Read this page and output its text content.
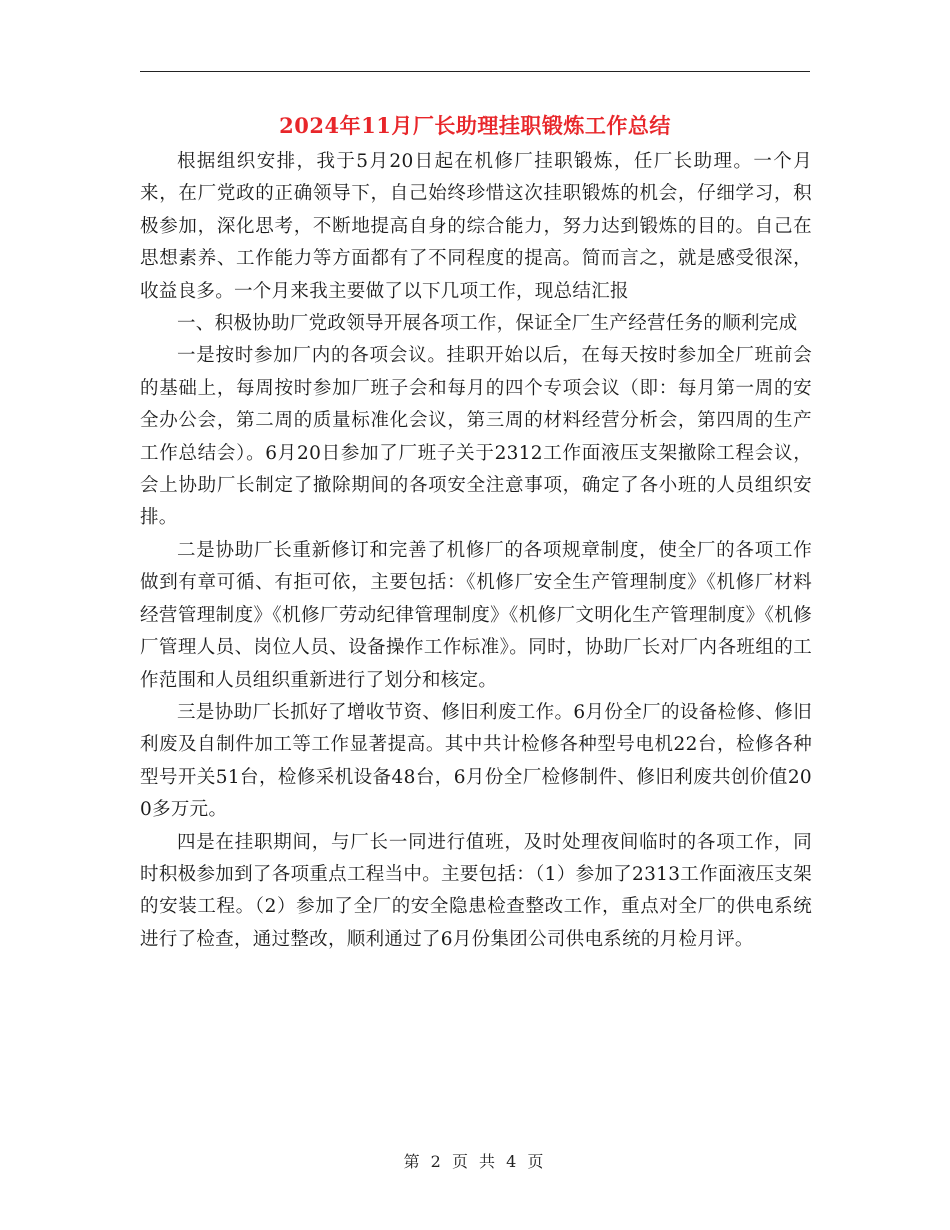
2024年11月厂长助理挂职锻炼工作总结

根据组织安排，我于5月20日起在机修厂挂职锻炼，任厂长助理。一个月来，在厂党政的正确领导下，自己始终珍惜这次挂职锻炼的机会，仔细学习，积极参加，深化思考，不断地提高自身的综合能力，努力达到锻炼的目的。自己在思想素养、工作能力等方面都有了不同程度的提高。简而言之，就是感受很深，收益良多。一个月来我主要做了以下几项工作，现总结汇报

一、积极协助厂党政领导开展各项工作，保证全厂生产经营任务的顺利完成

一是按时参加厂内的各项会议。挂职开始以后，在每天按时参加全厂班前会的基础上，每周按时参加厂班子会和每月的四个专项会议（即：每月第一周的安全办公会，第二周的质量标准化会议，第三周的材料经营分析会，第四周的生产工作总结会）。6月20日参加了厂班子关于2312工作面液压支架撤除工程会议，会上协助厂长制定了撤除期间的各项安全注意事项，确定了各小班的人员组织安排。

二是协助厂长重新修订和完善了机修厂的各项规章制度，使全厂的各项工作做到有章可循、有拒可依，主要包括：《机修厂安全生产管理制度》《机修厂材料经营管理制度》《机修厂劳动纪律管理制度》《机修厂文明化生产管理制度》《机修厂管理人员、岗位人员、设备操作工作标准》。同时，协助厂长对厂内各班组的工作范围和人员组织重新进行了划分和核定。

三是协助厂长抓好了增收节资、修旧利废工作。6月份全厂的设备检修、修旧利废及自制件加工等工作显著提高。其中共计检修各种型号电机22台，检修各种型号开关51台，检修采机设备48台，6月份全厂检修制件、修旧利废共创价值200多万元。

四是在挂职期间，与厂长一同进行值班，及时处理夜间临时的各项工作，同时积极参加到了各项重点工程当中。主要包括：（1）参加了2313工作面液压支架的安装工程。（2）参加了全厂的安全隐患检查整改工作，重点对全厂的供电系统进行了检查，通过整改，顺利通过了6月份集团公司供电系统的月检月评。

第 2 页 共 4 页
